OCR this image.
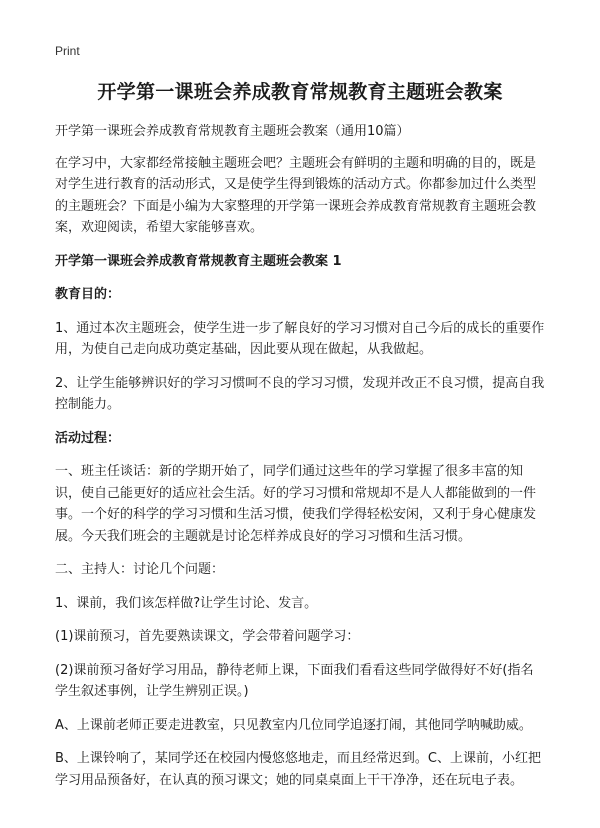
Print
开学第一课班会养成教育常规教育主题班会教案

开学第一课班会养成教育常规教育主题班会教案（通用10篇）

在学习中，大家都经常接触主题班会吧？主题班会有鲜明的主题和明确的目的，既是对学生进行教育的活动形式，又是使学生得到锻炼的活动方式。你都参加过什么类型的主题班会？下面是小编为大家整理的开学第一课班会养成教育常规教育主题班会教案，欢迎阅读，希望大家能够喜欢。

开学第一课班会养成教育常规教育主题班会教案 1

教育目的：

1、通过本次主题班会，使学生进一步了解良好的学习习惯对自己今后的成长的重要作用，为使自己走向成功奠定基础，因此要从现在做起，从我做起。

2、让学生能够辨识好的学习习惯呵不良的学习习惯，发现并改正不良习惯，提高自我控制能力。

活动过程：

一、班主任谈话：新的学期开始了，同学们通过这些年的学习掌握了很多丰富的知识，使自己能更好的适应社会生活。好的学习习惯和常规却不是人人都能做到的一件事。一个好的科学的学习习惯和生活习惯，使我们学得轻松安闲，又利于身心健康发展。今天我们班会的主题就是讨论怎样养成良好的学习习惯和生活习惯。

二、主持人：讨论几个问题：

1、课前，我们该怎样做?让学生讨论、发言。

(1)课前预习，首先要熟读课文，学会带着问题学习：

(2)课前预习备好学习用品，静待老师上课，下面我们看看这些同学做得好不好(指名学生叙述事例，让学生辨别正误。)

A、上课前老师正要走进教室，只见教室内几位同学追逐打闹，其他同学呐喊助威。

B、上课铃响了，某同学还在校园内慢悠悠地走，而且经常迟到。C、上课前，小红把学习用品预备好，在认真的预习课文；她的同桌桌面上干干净净，还在玩电子表。
